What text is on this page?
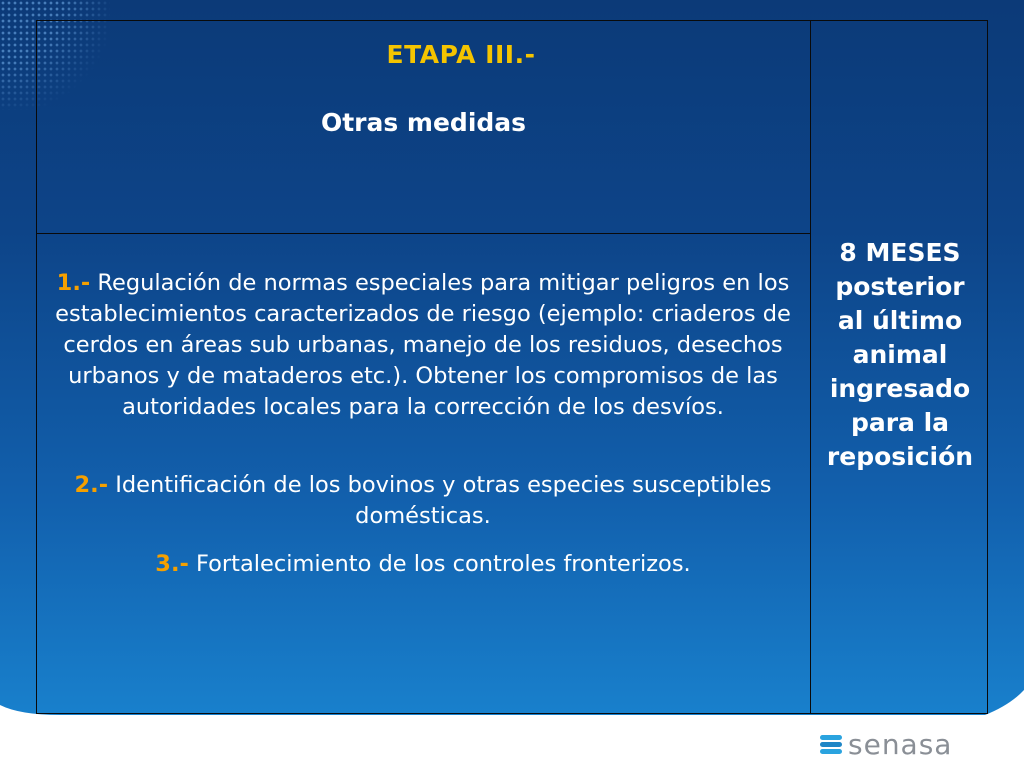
ETAPA III.-
Otras medidas

1.- Regulación de normas especiales para mitigar peligros en los establecimientos caracterizados de riesgo (ejemplo: criaderos de cerdos en áreas sub urbanas, manejo de los residuos, desechos urbanos y de mataderos etc.). Obtener los compromisos de las autoridades locales para la corrección de los desvíos.

2.- Identificación de los bovinos y otras especies susceptibles domésticas.

3.- Fortalecimiento de los controles fronterizos.

8 MESES
posterior
al último
animal
ingresado
para la
reposición
senasa
